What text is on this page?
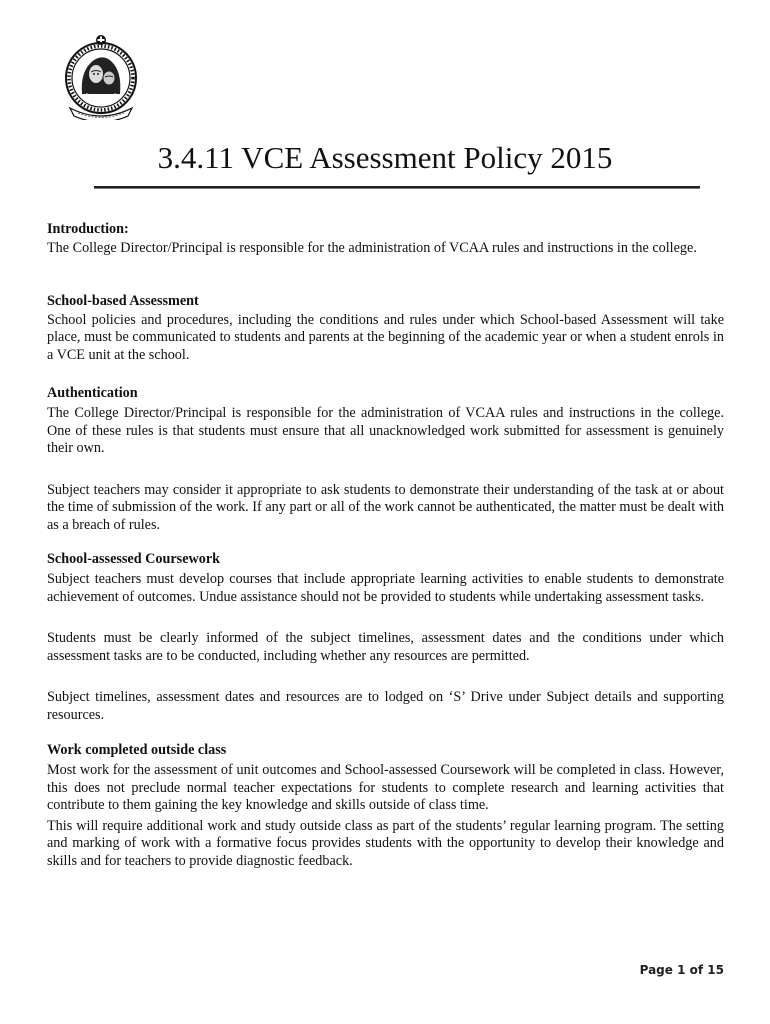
3.4.11 VCE Assessment Policy 2015

Introduction:

The College Director/Principal is responsible for the administration of VCAA rules and instructions in the college.

School-based Assessment

School policies and procedures, including the conditions and rules under which School-based Assessment will take place, must be communicated to students and parents at the beginning of the academic year or when a student enrols in a VCE unit at the school.

Authentication

The College Director/Principal is responsible for the administration of VCAA rules and instructions in the college. One of these rules is that students must ensure that all unacknowledged work submitted for assessment is genuinely their own.

Subject teachers may consider it appropriate to ask students to demonstrate their understanding of the task at or about the time of submission of the work. If any part or all of the work cannot be authenticated, the matter must be dealt with as a breach of rules.

School-assessed Coursework

Subject teachers must develop courses that include appropriate learning activities to enable students to demonstrate achievement of outcomes. Undue assistance should not be provided to students while undertaking assessment tasks.

Students must be clearly informed of the subject timelines, assessment dates and the conditions under which assessment tasks are to be conducted, including whether any resources are permitted.

Subject timelines, assessment dates and resources are to lodged on ‘S’ Drive under Subject details and supporting resources.

Work completed outside class

Most work for the assessment of unit outcomes and School-assessed Coursework will be completed in class. However, this does not preclude normal teacher expectations for students to complete research and learning activities that contribute to them gaining the key knowledge and skills outside of class time.

This will require additional work and study outside class as part of the students’ regular learning program. The setting and marking of work with a formative focus provides students with the opportunity to develop their knowledge and skills and for teachers to provide diagnostic feedback.

Page 1 of 15
